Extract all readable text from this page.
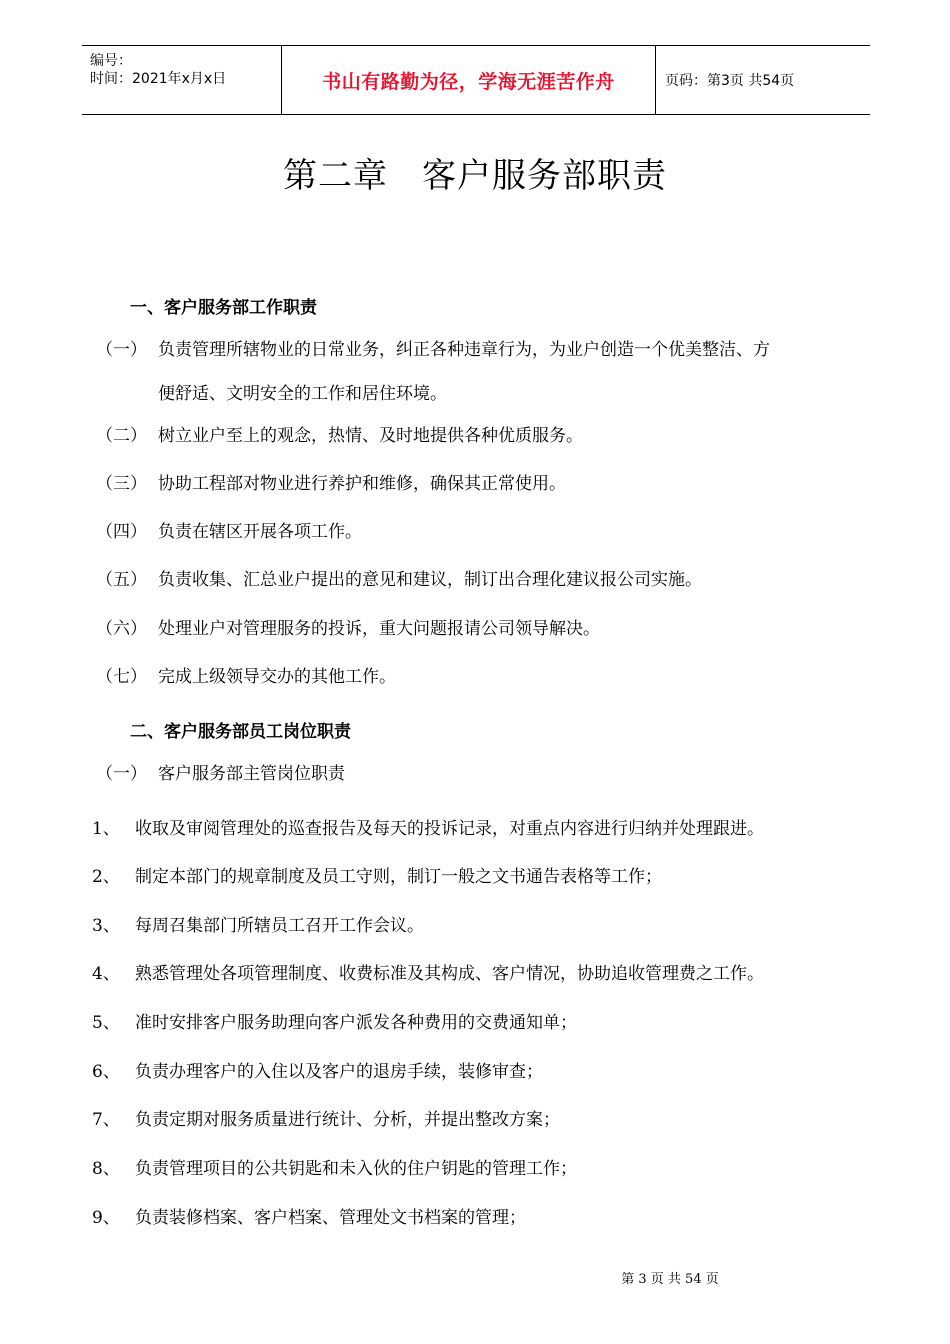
编号：
时间：2021年x月x日	书山有路勤为径，学海无涯苦作舟	页码：第3页 共54页
第二章 客户服务部职责
一、客户服务部工作职责
（一） 负责管理所辖物业的日常业务，纠正各种违章行为，为业户创造一个优美整洁、方
便舒适、文明安全的工作和居住环境。
（二） 树立业户至上的观念，热情、及时地提供各种优质服务。
（三） 协助工程部对物业进行养护和维修，确保其正常使用。
（四） 负责在辖区开展各项工作。
（五） 负责收集、汇总业户提出的意见和建议，制订出合理化建议报公司实施。
（六） 处理业户对管理服务的投诉，重大问题报请公司领导解决。
（七） 完成上级领导交办的其他工作。
二、客户服务部员工岗位职责
（一） 客户服务部主管岗位职责
1、 收取及审阅管理处的巡查报告及每天的投诉记录，对重点内容进行归纳并处理跟进。
2、 制定本部门的规章制度及员工守则，制订一般之文书通告表格等工作；
3、 每周召集部门所辖员工召开工作会议。
4、 熟悉管理处各项管理制度、收费标准及其构成、客户情况，协助追收管理费之工作。
5、 准时安排客户服务助理向客户派发各种费用的交费通知单；
6、 负责办理客户的入住以及客户的退房手续，装修审查；
7、 负责定期对服务质量进行统计、分析，并提出整改方案；
8、 负责管理项目的公共钥匙和未入伙的住户钥匙的管理工作；
9、 负责装修档案、客户档案、管理处文书档案的管理；
第 3 页 共 54 页
